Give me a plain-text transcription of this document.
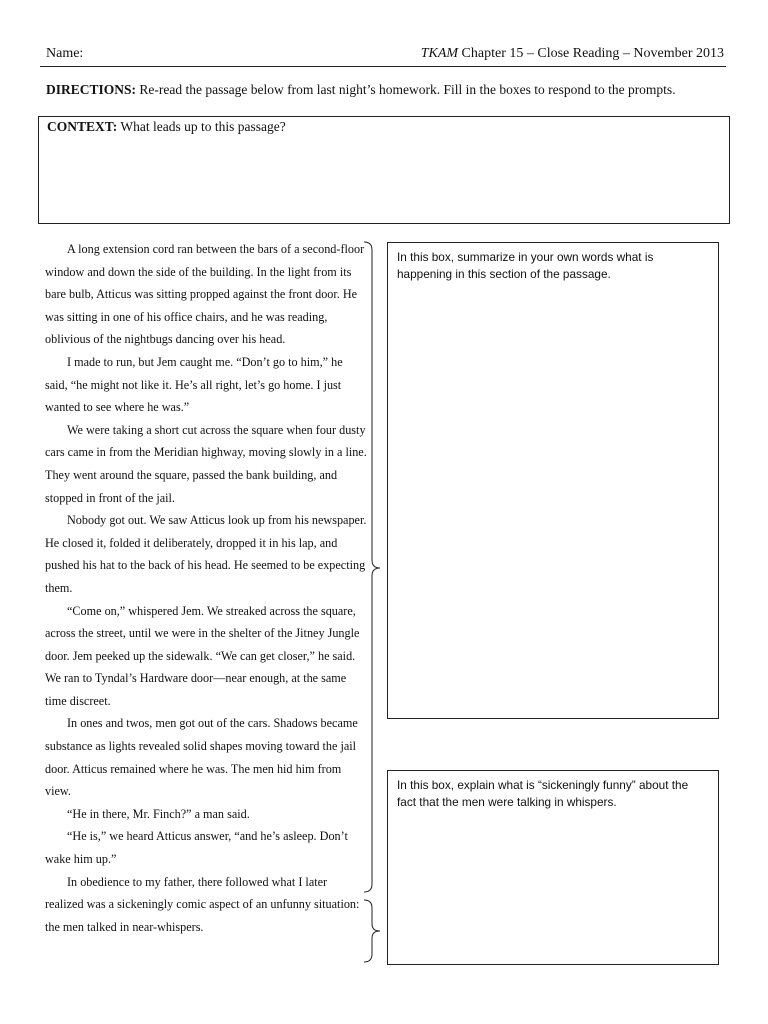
Name:	TKAM Chapter 15 – Close Reading – November 2013
DIRECTIONS: Re-read the passage below from last night’s homework. Fill in the boxes to respond to the prompts.
CONTEXT: What leads up to this passage?

A long extension cord ran between the bars of a second-floor window and down the side of the building. In the light from its bare bulb, Atticus was sitting propped against the front door. He was sitting in one of his office chairs, and he was reading, oblivious of the nightbugs dancing over his head.

I made to run, but Jem caught me. “Don’t go to him,” he said, “he might not like it. He’s all right, let’s go home. I just wanted to see where he was.”

We were taking a short cut across the square when four dusty cars came in from the Meridian highway, moving slowly in a line. They went around the square, passed the bank building, and stopped in front of the jail.

Nobody got out. We saw Atticus look up from his newspaper. He closed it, folded it deliberately, dropped it in his lap, and pushed his hat to the back of his head. He seemed to be expecting them.

“Come on,” whispered Jem. We streaked across the square, across the street, until we were in the shelter of the Jitney Jungle door. Jem peeked up the sidewalk. “We can get closer,” he said. We ran to Tyndal’s Hardware door—near enough, at the same time discreet.

In ones and twos, men got out of the cars. Shadows became substance as lights revealed solid shapes moving toward the jail door. Atticus remained where he was. The men hid him from view.

“He in there, Mr. Finch?” a man said.

“He is,” we heard Atticus answer, “and he’s asleep. Don’t wake him up.”

In obedience to my father, there followed what I later realized was a sickeningly comic aspect of an unfunny situation: the men talked in near-whispers.

In this box, summarize in your own words what is happening in this section of the passage.
In this box, explain what is “sickeningly funny” about the fact that the men were talking in whispers.
